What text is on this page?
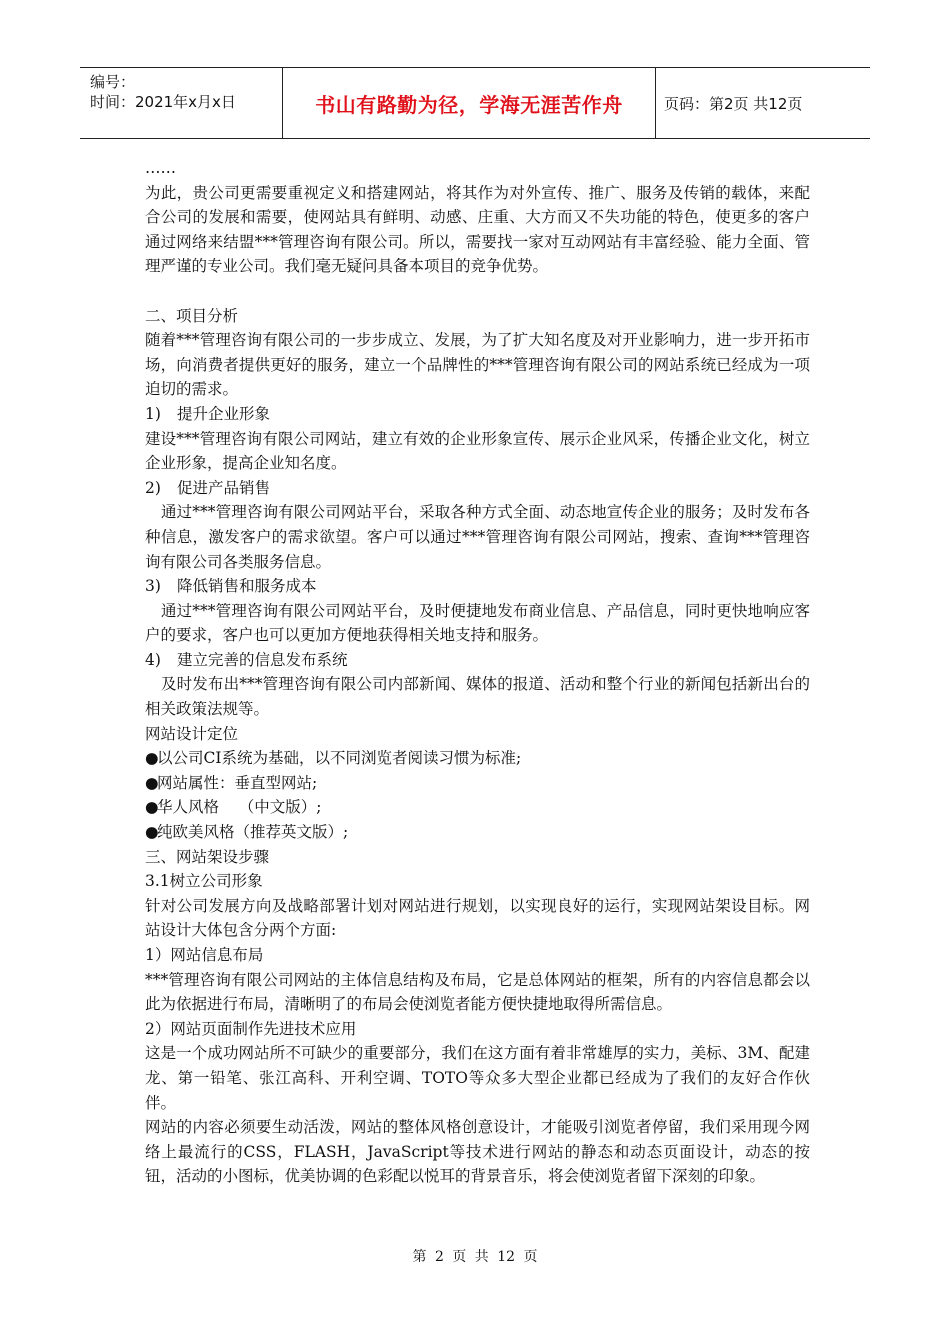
编号：
时间：2021年x月x日	书山有路勤为径，学海无涯苦作舟	页码：第2页 共12页

……

为此，贵公司更需要重视定义和搭建网站，将其作为对外宣传、推广、服务及传销的载体，来配合公司的发展和需要，使网站具有鲜明、动感、庄重、大方而又不失功能的特色，使更多的客户通过网络来结盟***管理咨询有限公司。所以，需要找一家对互动网站有丰富经验、能力全面、管理严谨的专业公司。我们毫无疑问具备本项目的竞争优势。

二、项目分析

随着***管理咨询有限公司的一步步成立、发展，为了扩大知名度及对开业影响力，进一步开拓市场，向消费者提供更好的服务，建立一个品牌性的***管理咨询有限公司的网站系统已经成为一项迫切的需求。

1) 提升企业形象

建设***管理咨询有限公司网站，建立有效的企业形象宣传、展示企业风采，传播企业文化，树立企业形象，提高企业知名度。

2) 促进产品销售

通过***管理咨询有限公司网站平台，采取各种方式全面、动态地宣传企业的服务；及时发布各种信息，激发客户的需求欲望。客户可以通过***管理咨询有限公司网站，搜索、查询***管理咨询有限公司各类服务信息。

3) 降低销售和服务成本

通过***管理咨询有限公司网站平台，及时便捷地发布商业信息、产品信息，同时更快地响应客户的要求，客户也可以更加方便地获得相关地支持和服务。

4) 建立完善的信息发布系统

及时发布出***管理咨询有限公司内部新闻、媒体的报道、活动和整个行业的新闻包括新出台的相关政策法规等。

网站设计定位

●以公司CI系统为基础，以不同浏览者阅读习惯为标准;

●网站属性：垂直型网站;

●华人风格    （中文版）;

●纯欧美风格（推荐英文版）;

三、网站架设步骤

3.1树立公司形象

针对公司发展方向及战略部署计划对网站进行规划，以实现良好的运行，实现网站架设目标。网站设计大体包含分两个方面:

1）网站信息布局

***管理咨询有限公司网站的主体信息结构及布局，它是总体网站的框架，所有的内容信息都会以此为依据进行布局，清晰明了的布局会使浏览者能方便快捷地取得所需信息。

2）网站页面制作先进技术应用

这是一个成功网站所不可缺少的重要部分，我们在这方面有着非常雄厚的实力，美标、3M、配建龙、第一铅笔、张江高科、开利空调、TOTO等众多大型企业都已经成为了我们的友好合作伙伴。

网站的内容必须要生动活泼，网站的整体风格创意设计，才能吸引浏览者停留，我们采用现今网络上最流行的CSS，FLASH，JavaScript等技术进行网站的静态和动态页面设计，动态的按钮，活动的小图标，优美协调的色彩配以悦耳的背景音乐，将会使浏览者留下深刻的印象。

第 2 页 共 12 页
